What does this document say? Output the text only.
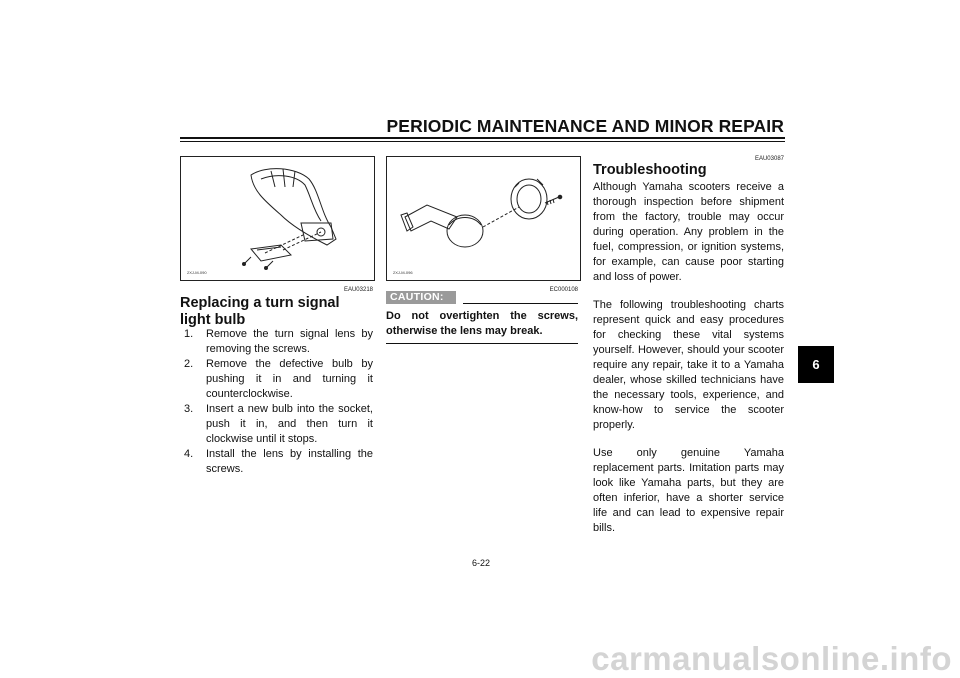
PERIODIC MAINTENANCE AND MINOR REPAIR
2XJ-M-090
EAU03218
Replacing a turn signal light bulb
1. Remove the turn signal lens by removing the screws.
2. Remove the defective bulb by pushing it in and turning it counterclockwise.
3. Insert a new bulb into the socket, push it in, and then turn it clockwise until it stops.
4. Install the lens by installing the screws.
2XJ-M-096
EC000108
CAUTION:
Do not overtighten the screws, otherwise the lens may break.
EAU03087
Troubleshooting

Although Yamaha scooters receive a thorough inspection before shipment from the factory, trouble may occur during operation. Any problem in the fuel, compression, or ignition systems, for example, can cause poor starting and loss of power.

The following troubleshooting charts represent quick and easy procedures for checking these vital systems yourself. However, should your scooter require any repair, take it to a Yamaha dealer, whose skilled technicians have the necessary tools, experience, and know-how to service the scooter properly.

Use only genuine Yamaha replacement parts. Imitation parts may look like Yamaha parts, but they are often inferior, have a shorter service life and can lead to expensive repair bills.

6
6-22
carmanualsonline.info
